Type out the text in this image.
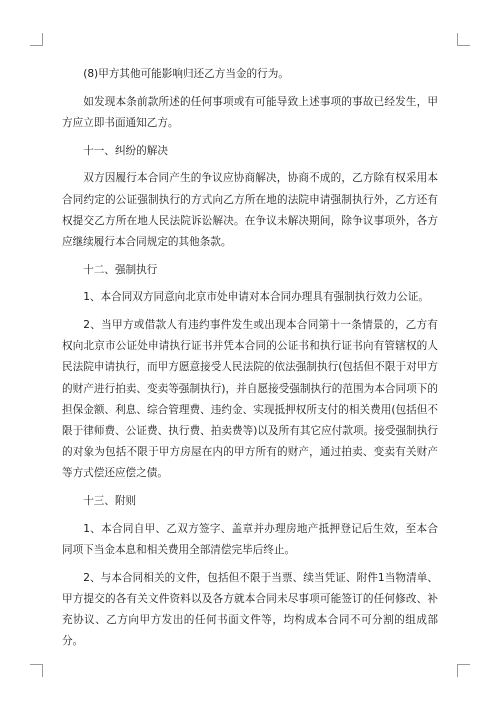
(8)甲方其他可能影响归还乙方当金的行为。

如发现本条前款所述的任何事项或有可能导致上述事项的事故已经发生，甲方应立即书面通知乙方。

十一、纠纷的解决

双方因履行本合同产生的争议应协商解决，协商不成的，乙方除有权采用本合同约定的公证强制执行的方式向乙方所在地的法院申请强制执行外，乙方还有权提交乙方所在地人民法院诉讼解决。在争议未解决期间，除争议事项外，各方应继续履行本合同规定的其他条款。

十二、强制执行

1、本合同双方同意向北京市处申请对本合同办理具有强制执行效力公证。

2、当甲方或借款人有违约事件发生或出现本合同第十一条情景的，乙方有权向北京市公证处申请执行证书并凭本合同的公证书和执行证书向有管辖权的人民法院申请执行，而甲方愿意接受人民法院的依法强制执行(包括但不限于对甲方的财产进行拍卖、变卖等强制执行)，并自愿接受强制执行的范围为本合同项下的担保金额、利息、综合管理费、违约金、实现抵押权所支付的相关费用(包括但不限于律师费、公证费、执行费、拍卖费等)以及所有其它应付款项。接受强制执行的对象为包括不限于甲方房屋在内的甲方所有的财产，通过拍卖、变卖有关财产等方式偿还应偿之债。

十三、附则

1、本合同自甲、乙双方签字、盖章并办理房地产抵押登记后生效，至本合同项下当金本息和相关费用全部清偿完毕后终止。

2、与本合同相关的文件，包括但不限于当票、续当凭证、附件1当物清单、甲方提交的各有关文件资料以及各方就本合同未尽事项可能签订的任何修改、补充协议、乙方向甲方发出的任何书面文件等，均构成本合同不可分割的组成部分。
